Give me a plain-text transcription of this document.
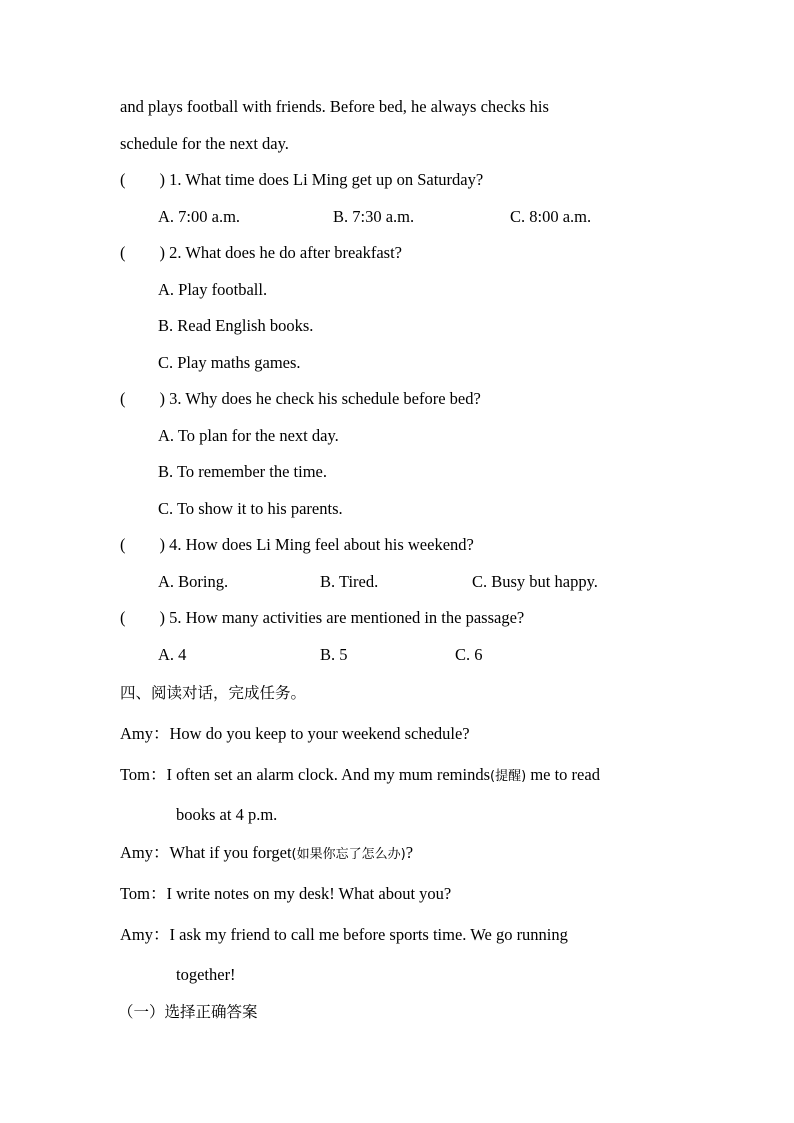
and plays football with friends. Before bed, he always checks his
schedule for the next day.
( ) 1. What time does Li Ming get up on Saturday?
A. 7:00 a.m.	B. 7:30 a.m.	C. 8:00 a.m.
( ) 2. What does he do after breakfast?
A. Play football.
B. Read English books.
C. Play maths games.
( ) 3. Why does he check his schedule before bed?
A. To plan for the next day.
B. To remember the time.
C. To show it to his parents.
( ) 4. How does Li Ming feel about his weekend?
A. Boring.	B. Tired.	C. Busy but happy.
( ) 5. How many activities are mentioned in the passage?
A. 4	B. 5	C. 6
四、阅读对话，完成任务。
Amy：How do you keep to your weekend schedule?
Tom：I often set an alarm clock. And my mum reminds(提醒) me to read
books at 4 p.m.
Amy：What if you forget(如果你忘了怎么办)?
Tom：I write notes on my desk! What about you?
Amy：I ask my friend to call me before sports time. We go running
together!
（一）选择正确答案
